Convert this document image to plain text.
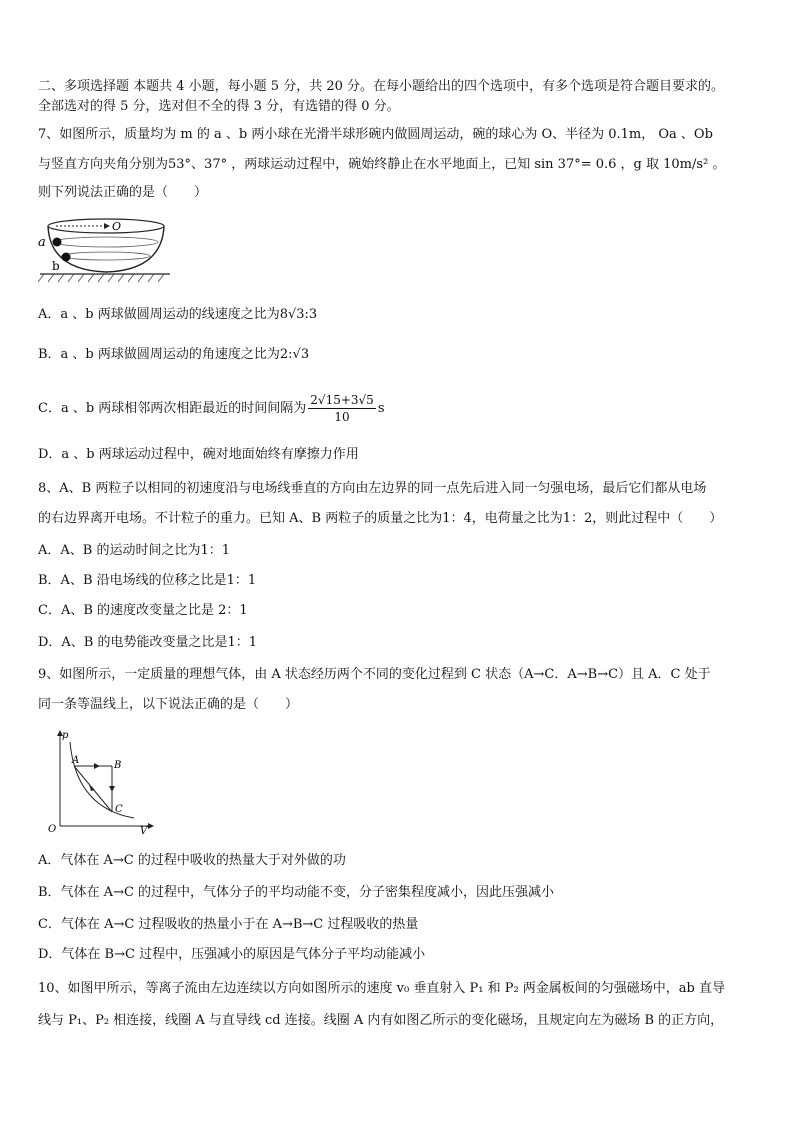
二、多项选择题 本题共 4 小题，每小题 5 分，共 20 分。在每小题给出的四个选项中，有多个选项是符合题目要求的。
全部选对的得 5 分，选对但不全的得 3 分，有选错的得 0 分。
7、如图所示，质量均为 m 的 a 、b 两小球在光滑半球形碗内做圆周运动，碗的球心为 O、半径为 0.1m， Oa 、Ob
与竖直方向夹角分别为53°、37° ，两球运动过程中，碗始终静止在水平地面上，已知 sin 37°= 0.6 ，g 取 10m/s² 。
则下列说法正确的是（　　）
O
a
b
A．a 、b 两球做圆周运动的线速度之比为8√3:3
B．a 、b 两球做圆周运动的角速度之比为2:√3
C．a 、b 两球相邻两次相距最近的时间间隔为 $\frac{2√15+3√5}{10}$ s
D．a 、b 两球运动过程中，碗对地面始终有摩擦力作用
8、A、B 两粒子以相同的初速度沿与电场线垂直的方向由左边界的同一点先后进入同一匀强电场，最后它们都从电场
的右边界离开电场。不计粒子的重力。已知 A、B 两粒子的质量之比为1：4，电荷量之比为1：2，则此过程中（　　）
A．A、B 的运动时间之比为1：1
B．A、B 沿电场线的位移之比是1：1
C．A、B 的速度改变量之比是 2：1
D．A、B 的电势能改变量之比是1：1
9、如图所示，一定质量的理想气体，由 A 状态经历两个不同的变化过程到 C 状态（A→C．A→B→C）且 A．C 处于
同一条等温线上，以下说法正确的是（　　）
p
V
O
A	B
C
A．气体在 A→C 的过程中吸收的热量大于对外做的功
B．气体在 A→C 的过程中，气体分子的平均动能不变，分子密集程度减小，因此压强减小
C．气体在 A→C 过程吸收的热量小于在 A→B→C 过程吸收的热量
D．气体在 B→C 过程中，压强减小的原因是气体分子平均动能减小
10、如图甲所示，等离子流由左边连续以方向如图所示的速度 v₀ 垂直射入 P₁ 和 P₂ 两金属板间的匀强磁场中，ab 直导
线与 P₁、P₂ 相连接，线圈 A 与直导线 cd 连接。线圈 A 内有如图乙所示的变化磁场，且规定向左为磁场 B 的正方向，
